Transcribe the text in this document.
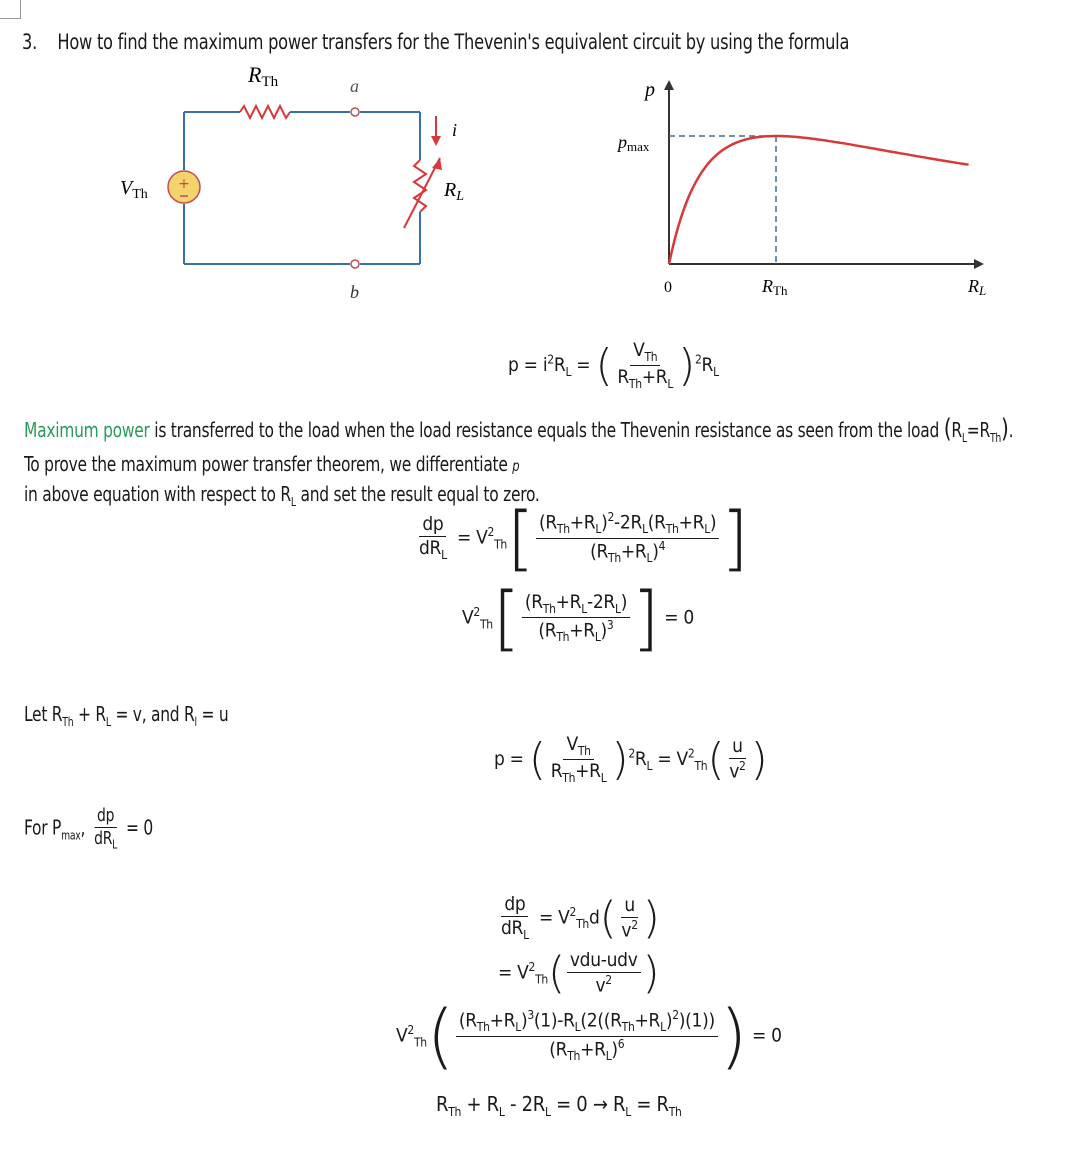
3. How to find the maximum power transfers for the Thevenin's equivalent circuit by using the formula
+
RTh	a
b
i
$R_L$
$V_{Th}$
p
pmax
0	RTh	RL
$p = i^2R_L$ = ( $\frac{V_{Th}}{R_{Th}+R_L} )^2R_L$
Maximum power is transferred to the load when the load resistance equals the Thevenin resistance as seen from the load $(R_L=R_{Th})$.
To prove the maximum power transfer theorem, we differentiate p
in above equation with respect to $R_L$ and set the result equal to zero.
$\frac{dp}{dR_L} = V^2_{Th}[ \frac{(R_{Th}+R_L)^2-2R_L(R_{Th}+R_L)}{(R_{Th}+R_L)^4}$ ]
$V^2_{Th}[ \frac{(R_{Th}+R_L-2R_L)}{(R_{Th}+R_L)^3}$ ] = 0
Let $R_{Th} + R_L = v$, and $R_l = u$
p = ( $\frac{V_{Th}}{R_{Th}+R_L} )^2R_L = V^2_{Th}( \frac{u}{v^2}$ )
For $P_{max}$, $\frac{dp}{dR_L} = 0$
$\frac{dp}{dR_L} = V^2_{Th}d( \frac{u}{v^2}$ )
= $V^2_{Th}( \frac{\text{vdu-udv}}{v^2}$ )
$V^2_{Th}( \frac{(R_{Th}+R_L)^3(1)-R_L(2((R_{Th}+R_L)^2)(1))}{(R_{Th}+R_L)^6}$ ) = 0
$R_{Th} + R_L - 2R_L = 0 \to R_L = R_{Th}$
